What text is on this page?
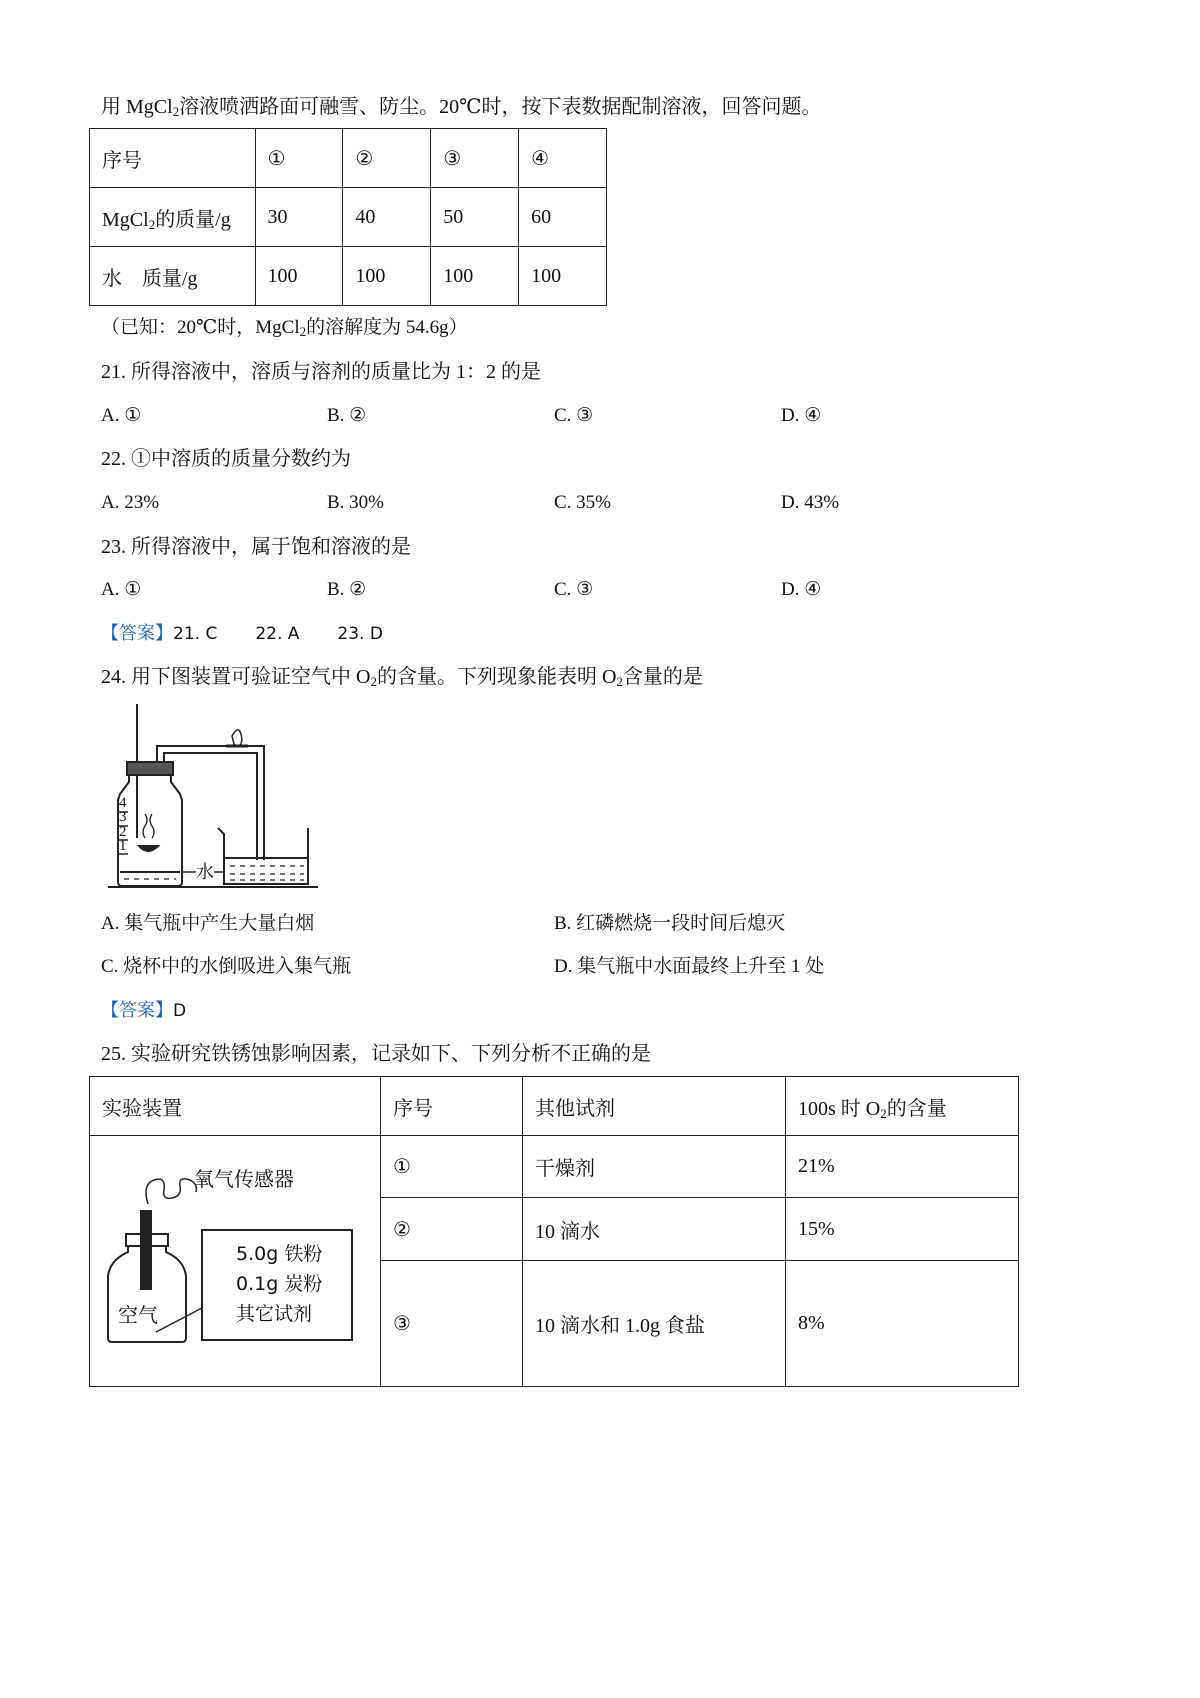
用 MgCl$_2$溶液喷洒路面可融雪、防尘。20℃时，按下表数据配制溶液，回答问题。
序号	①	②	③	④
MgCl$_2$的质量/g	30	40	50	60
水　质量/g	100	100	100	100
（已知：20℃时，MgCl$_2$的溶解度为 54.6g）
21. 所得溶液中，溶质与溶剂的质量比为 1：2 的是
A. ①	B. ②	C. ③	D. ④
22. ①中溶质的质量分数约为
A. 23%	B. 30%	C. 35%	D. 43%
23. 所得溶液中，属于饱和溶液的是
A. ①	B. ②	C. ③	D. ④
【答案】21. C 22. A 23. D
24. 用下图装置可验证空气中 $O_2$的含量。下列现象能表明 $O_2$含量的是
4
3
2
1
水
A. 集气瓶中产生大量白烟	B. 红磷燃烧一段时间后熄灭
C. 烧杯中的水倒吸进入集气瓶	D. 集气瓶中水面最终上升至 1 处
【答案】D
25. 实验研究铁锈蚀影响因素，记录如下、下列分析不正确的是
实验装置	序号	其他试剂	100s 时 $O_2$的含量

氧气传感器
5.0g 铁粉
0.1g 炭粉
其它试剂
空气	①	干燥剂	21%
	②	10 滴水	15%
	③	10 滴水和 1.0g 食盐	8%
